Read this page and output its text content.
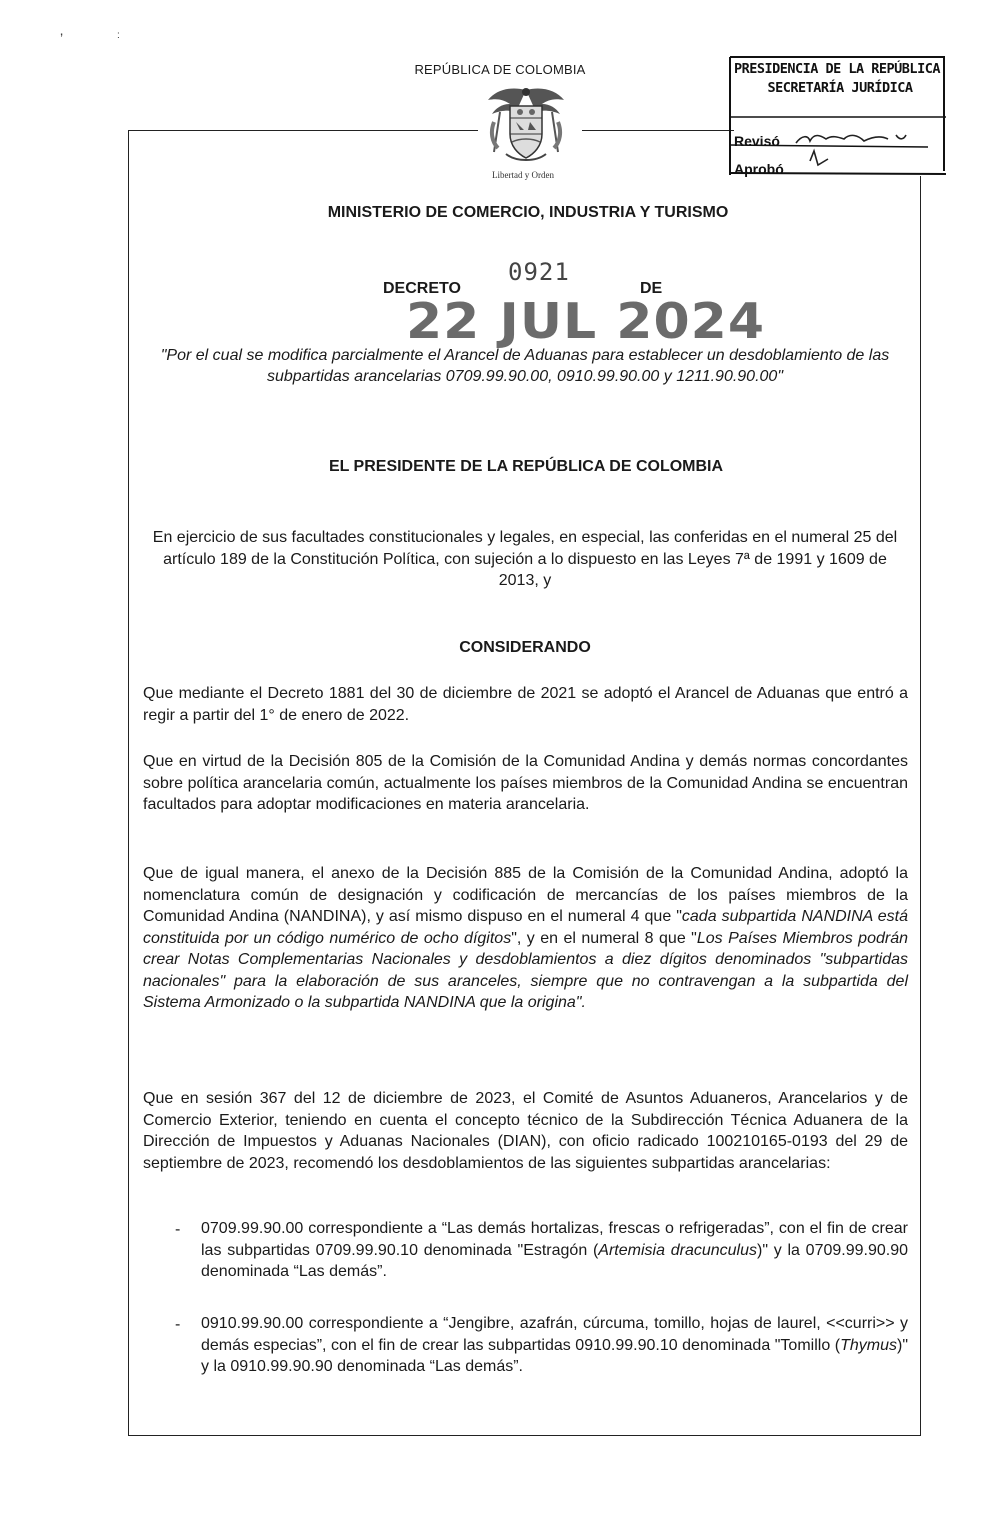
’	:
REPÚBLICA DE COLOMBIA
Libertad y Orden
PRESIDENCIA DE LA REPÚBLICA
SECRETARÍA JURÍDICA
Revisó
Aprobó
MINISTERIO DE COMERCIO, INDUSTRIA Y TURISMO
DECRETO
0921
DE
22 JUL 2024
"Por el cual se modifica parcialmente el Arancel de Aduanas para establecer un desdoblamiento de las subpartidas arancelarias 0709.99.90.00, 0910.99.90.00 y 1211.90.90.00"
EL PRESIDENTE DE LA REPÚBLICA DE COLOMBIA
En ejercicio de sus facultades constitucionales y legales, en especial, las conferidas en el numeral 25 del artículo 189 de la Constitución Política, con sujeción a lo dispuesto en las Leyes 7ª de 1991 y 1609 de 2013, y
CONSIDERANDO
Que mediante el Decreto 1881 del 30 de diciembre de 2021 se adoptó el Arancel de Aduanas que entró a regir a partir del 1° de enero de 2022.
Que en virtud de la Decisión 805 de la Comisión de la Comunidad Andina y demás normas concordantes sobre política arancelaria común, actualmente los países miembros de la Comunidad Andina se encuentran facultados para adoptar modificaciones en materia arancelaria.
Que de igual manera, el anexo de la Decisión 885 de la Comisión de la Comunidad Andina, adoptó la nomenclatura común de designación y codificación de mercancías de los países miembros de la Comunidad Andina (NANDINA), y así mismo dispuso en el numeral 4 que "cada subpartida NANDINA está constituida por un código numérico de ocho dígitos", y en el numeral 8 que "Los Países Miembros podrán crear Notas Complementarias Nacionales y desdoblamientos a diez dígitos denominados "subpartidas nacionales" para la elaboración de sus aranceles, siempre que no contravengan a la subpartida del Sistema Armonizado o la subpartida NANDINA que la origina".
Que en sesión 367 del 12 de diciembre de 2023, el Comité de Asuntos Aduaneros, Arancelarios y de Comercio Exterior, teniendo en cuenta el concepto técnico de la Subdirección Técnica Aduanera de la Dirección de Impuestos y Aduanas Nacionales (DIAN), con oficio radicado 100210165-0193 del 29 de septiembre de 2023, recomendó los desdoblamientos de las siguientes subpartidas arancelarias:
- 0709.99.90.00 correspondiente a “Las demás hortalizas, frescas o refrigeradas”, con el fin de crear las subpartidas 0709.99.90.10 denominada "Estragón (Artemisia dracunculus)" y la 0709.99.90.90 denominada “Las demás”.
- 0910.99.90.00 correspondiente a “Jengibre, azafrán, cúrcuma, tomillo, hojas de laurel, <<curri>> y demás especias”, con el fin de crear las subpartidas 0910.99.90.10 denominada "Tomillo (Thymus)" y la 0910.99.90.90 denominada “Las demás”.
